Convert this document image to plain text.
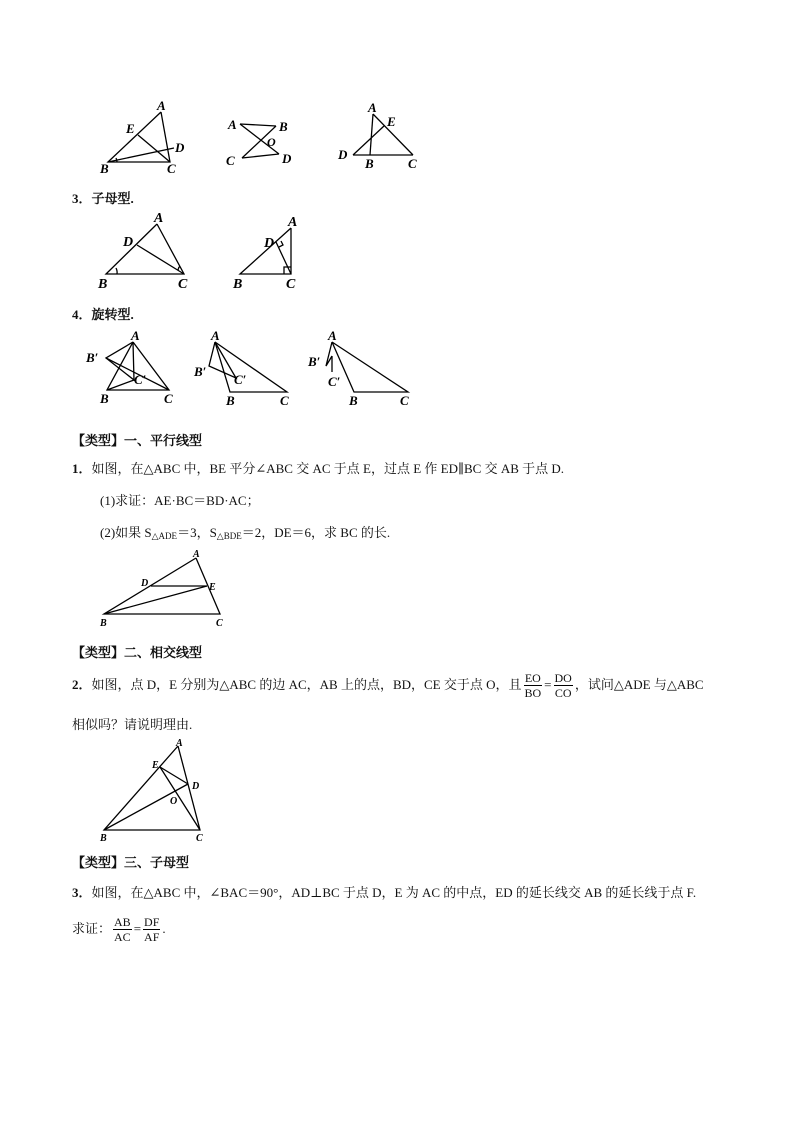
A
E
D
B	C
A	B
O
C	D
A
E
D
B	C
3．子母型.
A
D
B	C
A
D
B	C
4．旋转型.
A
B′
C′
B	C
A
B′
C′
B	C
A
B′
C′
B	C
【类型】一、平行线型
1．如图，在△ABC 中，BE 平分∠ABC 交 AC 于点 E，过点 E 作 ED∥BC 交 AB 于点 D.
(1)求证：AE·BC＝BD·AC；
(2)如果 $S_{\triangle ADE}=3$，$S_{\triangle BDE}=2$，DE＝6，求 BC 的长.
A
D	E
B	C
【类型】二、相交线型
2． 如图，点 D，E 分别为△ABC 的边 AC，AB 上的点，BD，CE 交于点 O，且 $\frac{EO}{BO} = \frac{DO}{CO}$ ，试问△ADE 与△ABC
相似吗？请说明理由.
A
E
D
O
B	C
【类型】三、子母型
3．如图，在△ABC 中，∠BAC＝90°，AD⊥BC 于点 D，E 为 AC 的中点，ED 的延长线交 AB 的延长线于点 F.
求证： $\frac{AB}{AC} = \frac{DF}{AF}$ .
